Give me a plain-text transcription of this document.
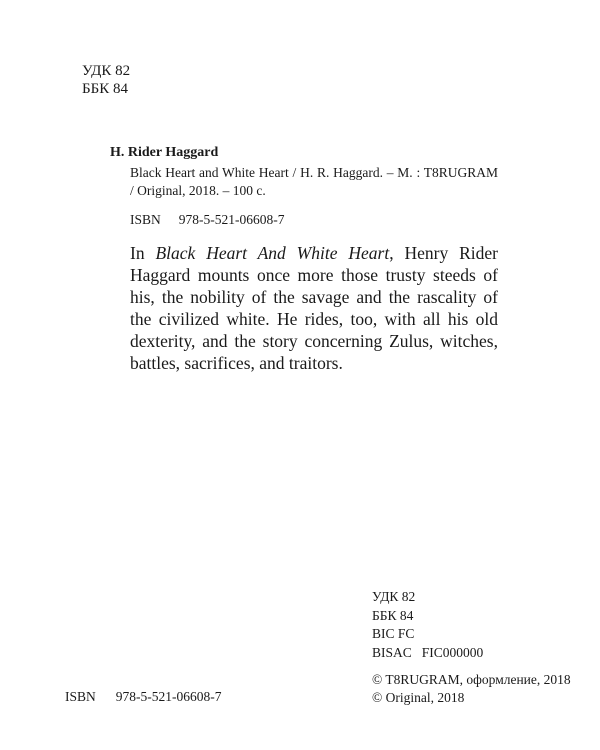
УДК 82
ББК 84
H. Rider Haggard
Black Heart and White Heart / H. R. Haggard. – M. : T8RUGRAM / Original, 2018. – 100 c.
ISBN 978-5-521-06608-7
In Black Heart And White Heart, Henry Rider Haggard mounts once more those trusty steeds of his, the nobility of the savage and the rascality of the civilized white. He rides, too, with all his old dexterity, and the story concerning Zulus, witches, battles, sacrifices, and traitors.
УДК 82
ББК 84
BIC FC
BISAC FIC000000
© T8RUGRAM, оформление, 2018
© Original, 2018
ISBN 978-5-521-06608-7
